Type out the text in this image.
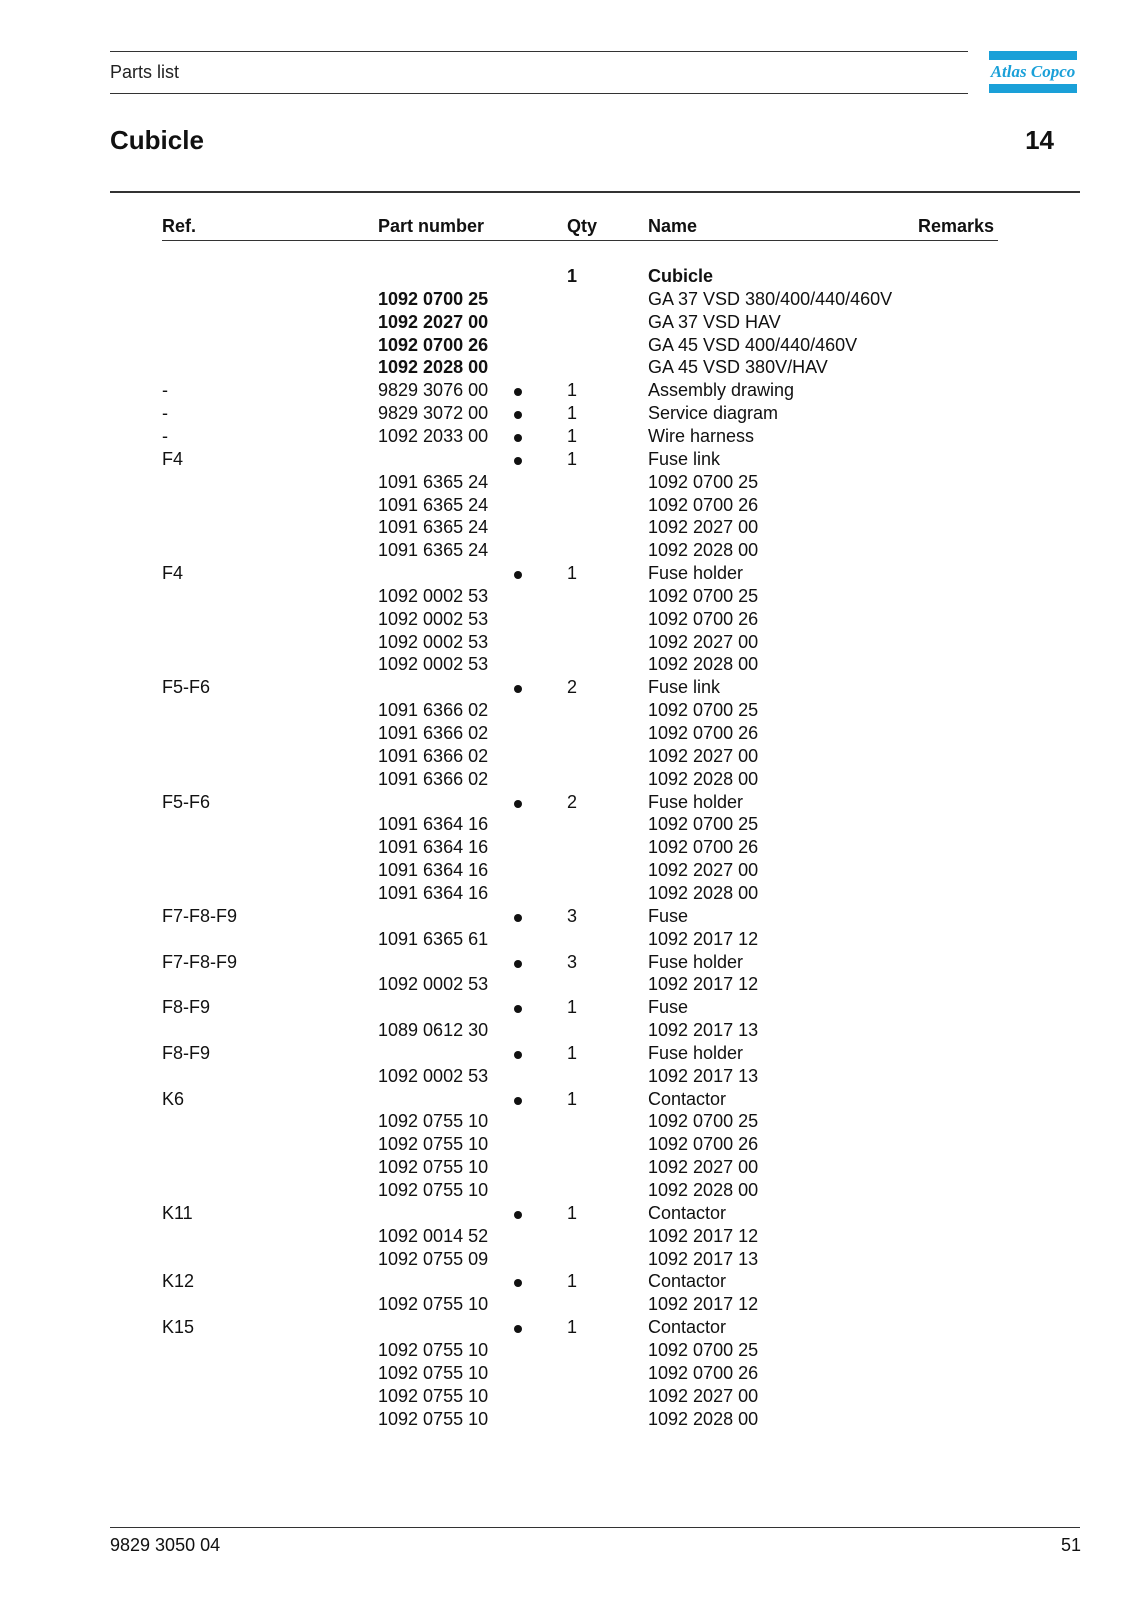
Parts list	Atlas Copco
Cubicle	14
Ref.	Part number	Qty	Name	Remarks
1	Cubicle
1092 0700 25	GA 37 VSD 380/400/440/460V
1092 2027 00	GA 37 VSD HAV
1092 0700 26	GA 45 VSD 400/440/460V
1092 2028 00	GA 45 VSD 380V/HAV
-	9829 3076 00	1	Assembly drawing
-	9829 3072 00	1	Service diagram
-	1092 2033 00	1	Wire harness
F4	1	Fuse link
1091 6365 24	1092 0700 25
1091 6365 24	1092 0700 26
1091 6365 24	1092 2027 00
1091 6365 24	1092 2028 00
F4	1	Fuse holder
1092 0002 53	1092 0700 25
1092 0002 53	1092 0700 26
1092 0002 53	1092 2027 00
1092 0002 53	1092 2028 00
F5-F6	2	Fuse link
1091 6366 02	1092 0700 25
1091 6366 02	1092 0700 26
1091 6366 02	1092 2027 00
1091 6366 02	1092 2028 00
F5-F6	2	Fuse holder
1091 6364 16	1092 0700 25
1091 6364 16	1092 0700 26
1091 6364 16	1092 2027 00
1091 6364 16	1092 2028 00
F7-F8-F9	3	Fuse
1091 6365 61	1092 2017 12
F7-F8-F9	3	Fuse holder
1092 0002 53	1092 2017 12
F8-F9	1	Fuse
1089 0612 30	1092 2017 13
F8-F9	1	Fuse holder
1092 0002 53	1092 2017 13
K6	1	Contactor
1092 0755 10	1092 0700 25
1092 0755 10	1092 0700 26
1092 0755 10	1092 2027 00
1092 0755 10	1092 2028 00
K11	1	Contactor
1092 0014 52	1092 2017 12
1092 0755 09	1092 2017 13
K12	1	Contactor
1092 0755 10	1092 2017 12
K15	1	Contactor
1092 0755 10	1092 0700 25
1092 0755 10	1092 0700 26
1092 0755 10	1092 2027 00
1092 0755 10	1092 2028 00
9829 3050 04	51
